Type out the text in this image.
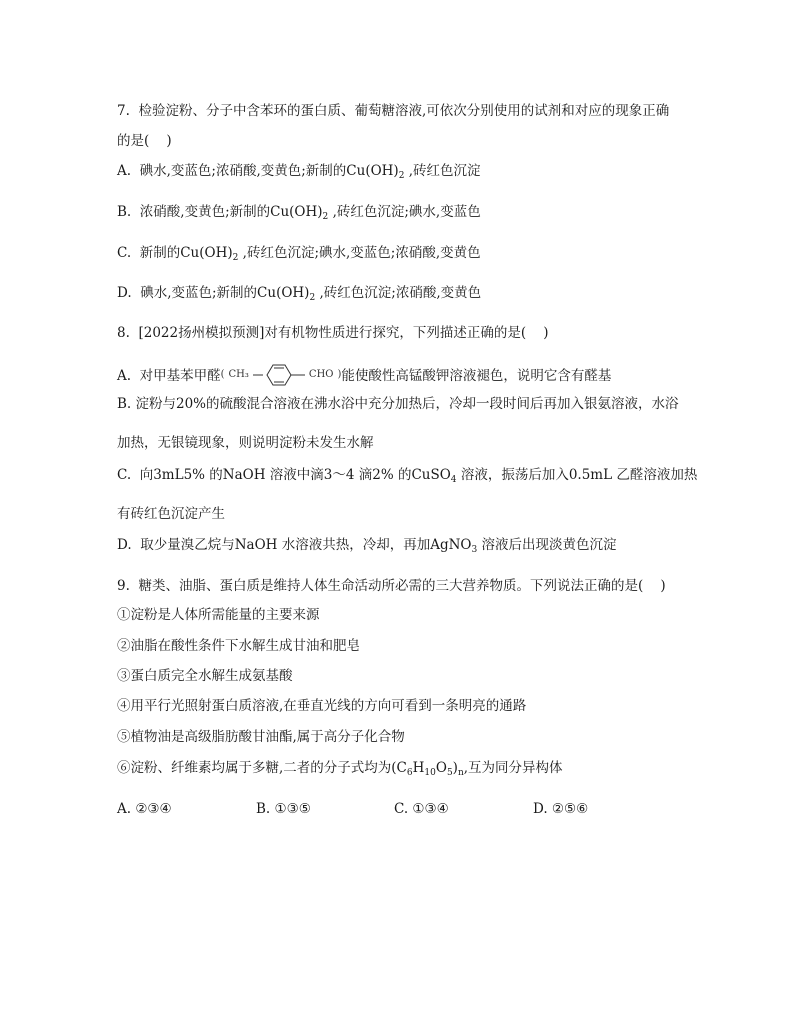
7.  检验淀粉、分子中含苯环的蛋白质、葡萄糖溶液,可依次分别使用的试剂和对应的现象正确
的是(    )
A.  碘水,变蓝色;浓硝酸,变黄色;新制的$Cu(OH)_2$ ,砖红色沉淀
B.  浓硝酸,变黄色;新制的$Cu(OH)_2$ ,砖红色沉淀;碘水,变蓝色
C.  新制的$Cu(OH)_2$ ,砖红色沉淀;碘水,变蓝色;浓硝酸,变黄色
D.  碘水,变蓝色;新制的$Cu(OH)_2$ ,砖红色沉淀;浓硝酸,变黄色
8.  [2022扬州模拟预测]对有机物性质进行探究，下列描述正确的是(    )
A.  对甲基苯甲醛( CH₃	CHO )能使酸性高锰酸钾溶液褪色，说明它含有醛基
B. 淀粉与20%的硫酸混合溶液在沸水浴中充分加热后，冷却一段时间后再加入银氨溶液，水浴
加热，无银镜现象，则说明淀粉未发生水解
C.  向3mL5% 的NaOH 溶液中滴3～4 滴2% 的CuSO$_4$ 溶液，振荡后加入0.5mL 乙醛溶液加热
有砖红色沉淀产生
D.  取少量溴乙烷与NaOH 水溶液共热，冷却，再加AgNO$_3$ 溶液后出现淡黄色沉淀
9.  糖类、油脂、蛋白质是维持人体生命活动所必需的三大营养物质。下列说法正确的是(    )
①淀粉是人体所需能量的主要来源
②油脂在酸性条件下水解生成甘油和肥皂
③蛋白质完全水解生成氨基酸
④用平行光照射蛋白质溶液,在垂直光线的方向可看到一条明亮的通路
⑤植物油是高级脂肪酸甘油酯,属于高分子化合物
⑥淀粉、纤维素均属于多糖,二者的分子式均为$(C_6H_{10}O_5)_n$,互为同分异构体
A. ②③④	B. ①③⑤	C. ①③④	D. ②⑤⑥
